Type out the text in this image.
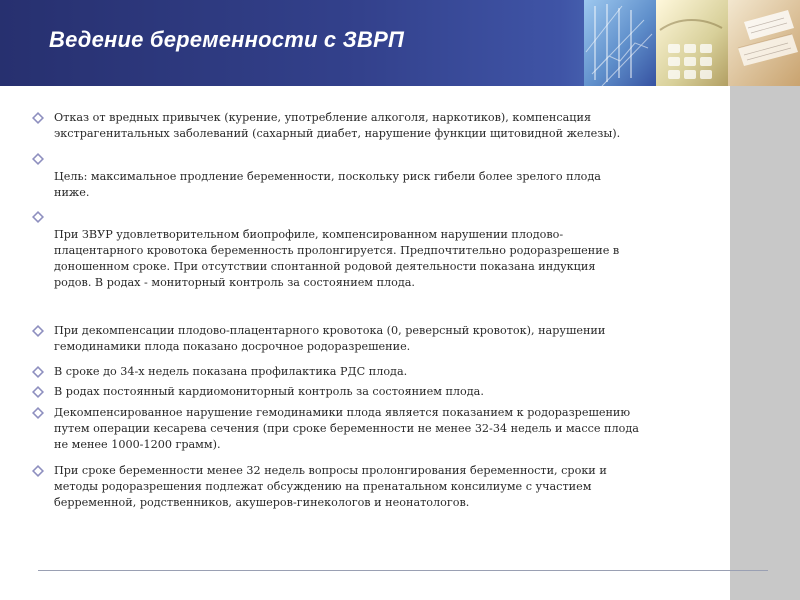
Ведение беременности с ЗВРП
Отказ от вредных привычек (курение, употребление алкоголя, наркотиков), компенсация
экстрагенитальных заболеваний (сахарный диабет, нарушение функции щитовидной железы).
Цель: максимальное продление беременности, поскольку риск гибели более зрелого плода
ниже.
При ЗВУР удовлетворительном биопрофиле, компенсированном нарушении плодово-
плацентарного кровотока беременность пролонгируется. Предпочтительно родоразрешение в
доношенном сроке. При отсутствии спонтанной родовой деятельности показана индукция
родов. В родах - мониторный контроль за состоянием плода.
При декомпенсации плодово-плацентарного кровотока (0, реверсный кровоток), нарушении
гемодинамики плода показано досрочное родоразрешение.
В сроке до 34-х недель показана профилактика РДС плода.
В родах постоянный кардиомониторный контроль за состоянием плода.
Декомпенсированное нарушение гемодинамики плода является показанием к родоразрешению
путем операции кесарева сечения (при сроке беременности не менее 32-34 недель и массе плода
не менее 1000-1200 грамм).
При сроке беременности менее 32 недель вопросы пролонгирования беременности, сроки и
методы родоразрешения подлежат обсуждению на пренатальном консилиуме с участием
берременной, родственников, акушеров-гинекологов и неонатологов.
